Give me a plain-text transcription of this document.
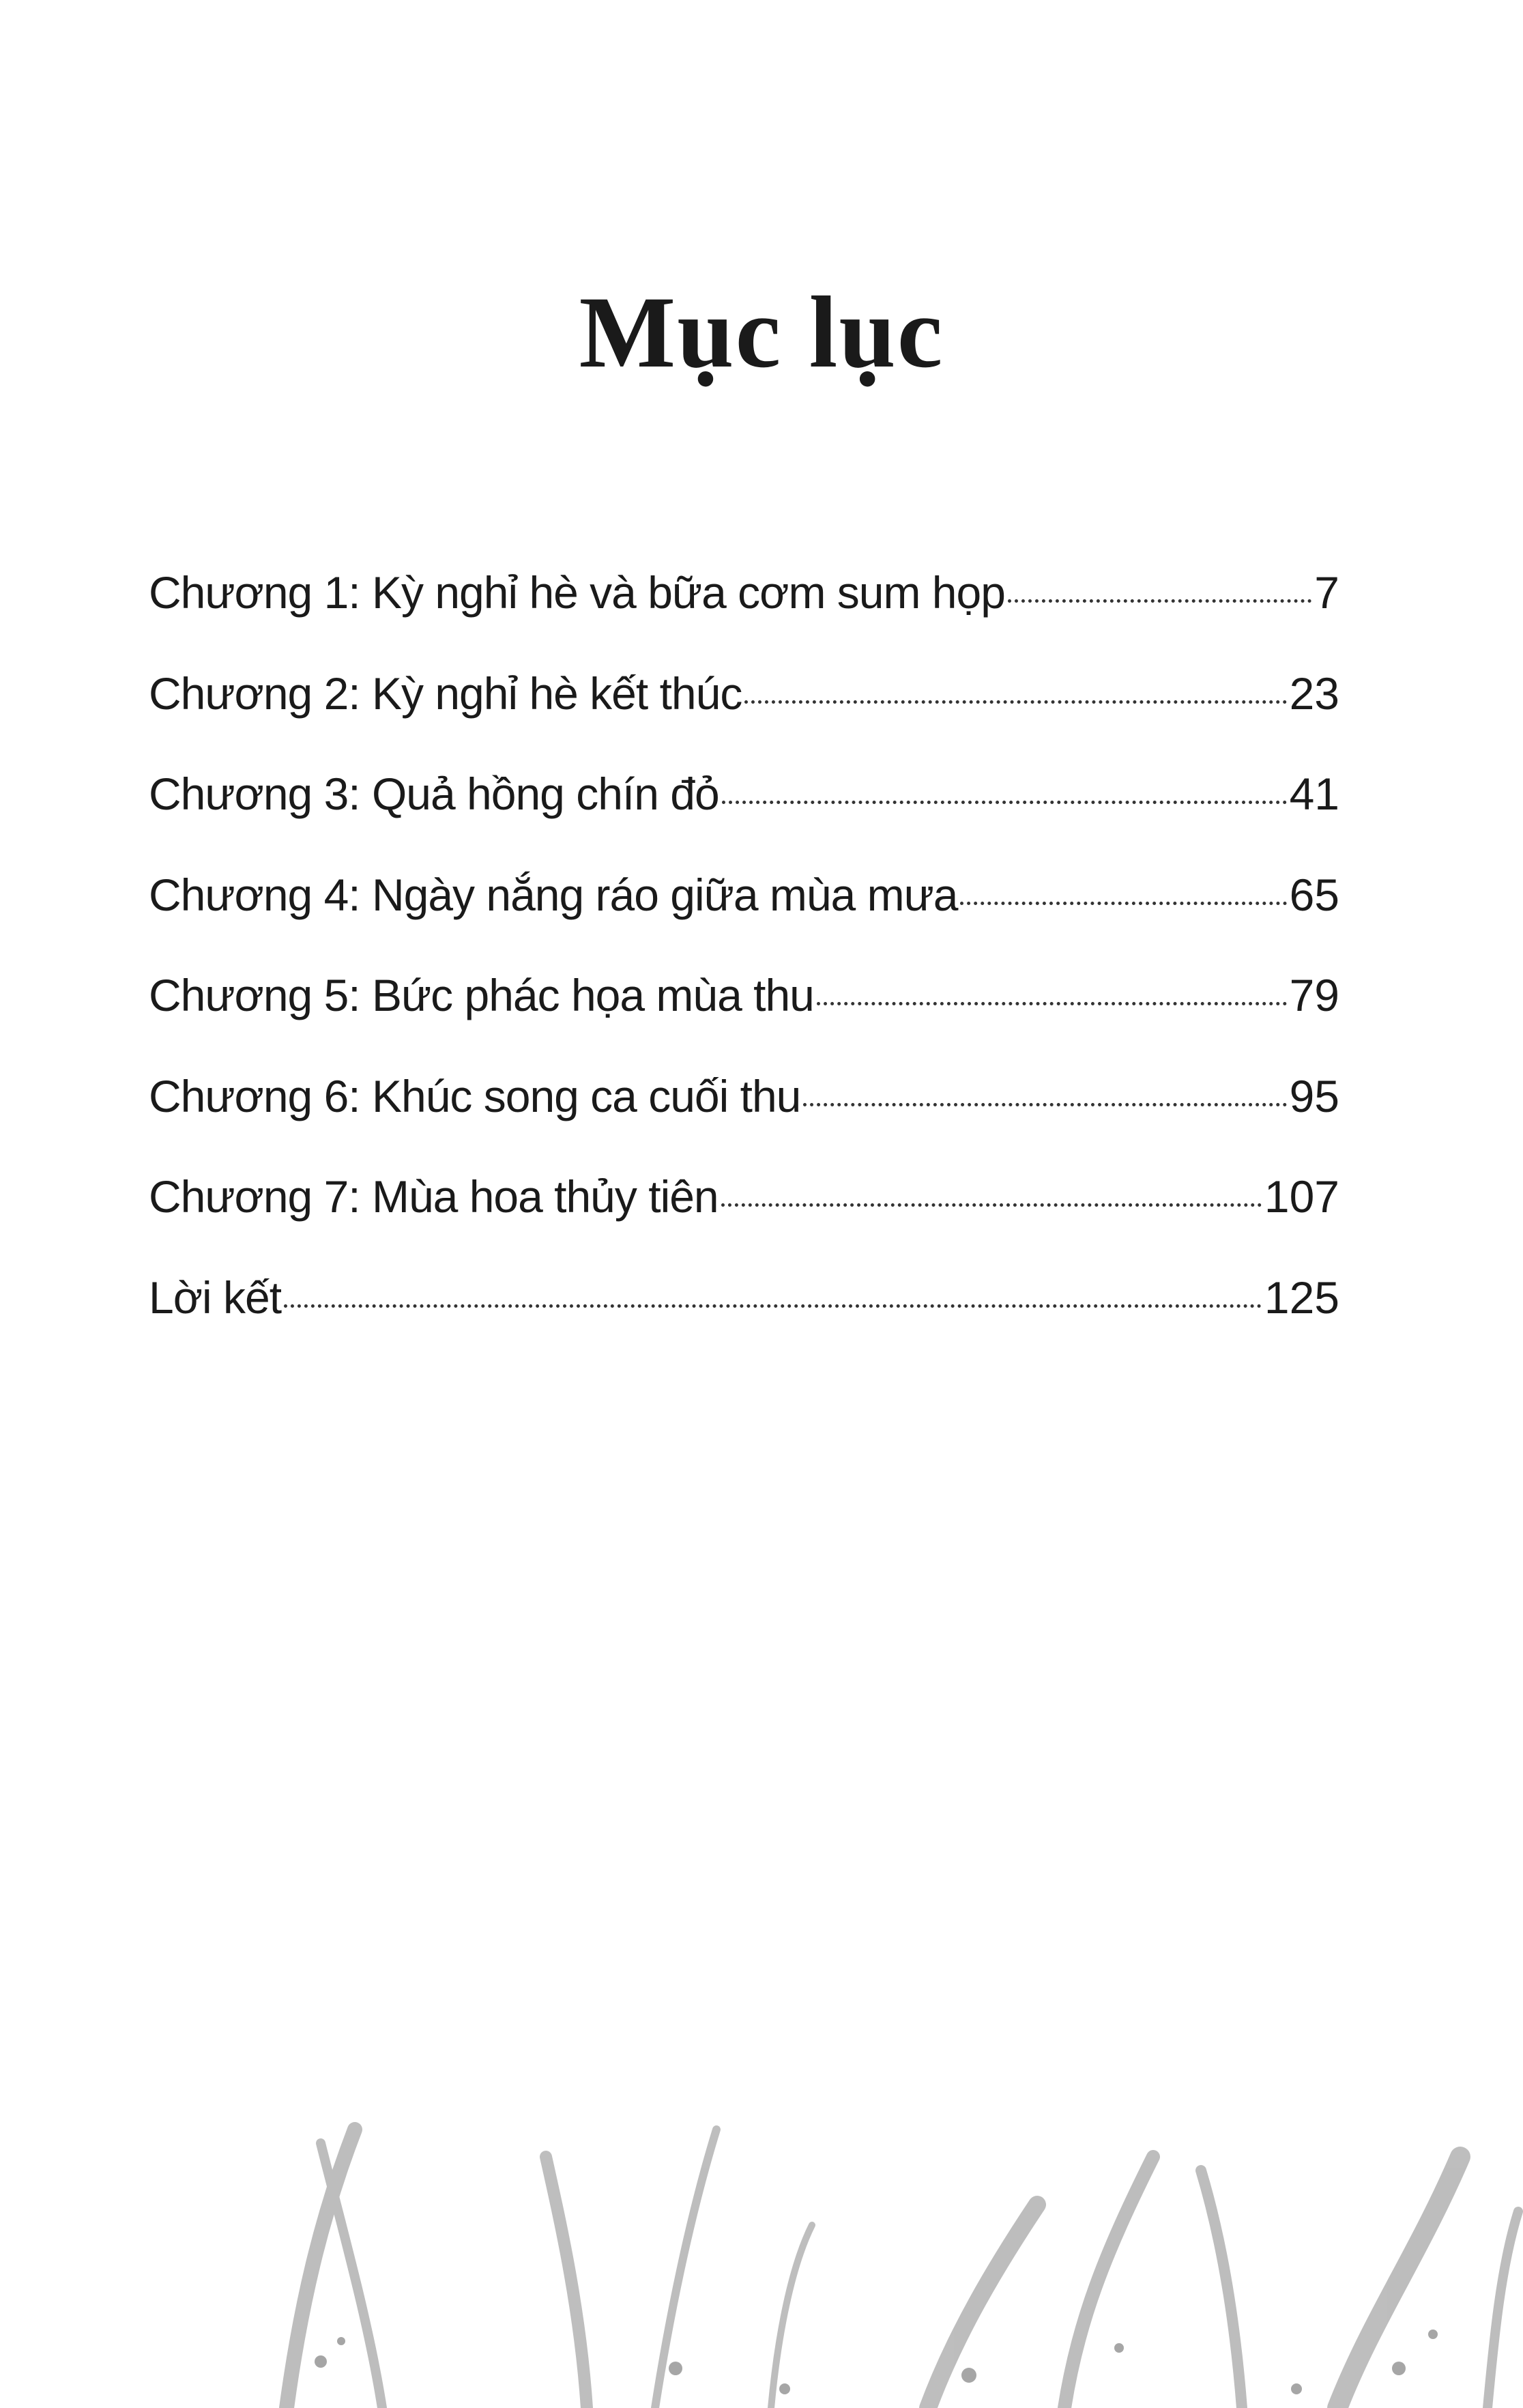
Mục lục
Chương 1: Kỳ nghỉ hè và bữa cơm sum họp	7
Chương 2: Kỳ nghỉ hè kết thúc	23
Chương 3: Quả hồng chín đỏ	41
Chương 4: Ngày nắng ráo giữa mùa mưa	65
Chương 5: Bức phác họa mùa thu	79
Chương 6: Khúc song ca cuối thu	95
Chương 7: Mùa hoa thủy tiên	107
Lời kết	125
